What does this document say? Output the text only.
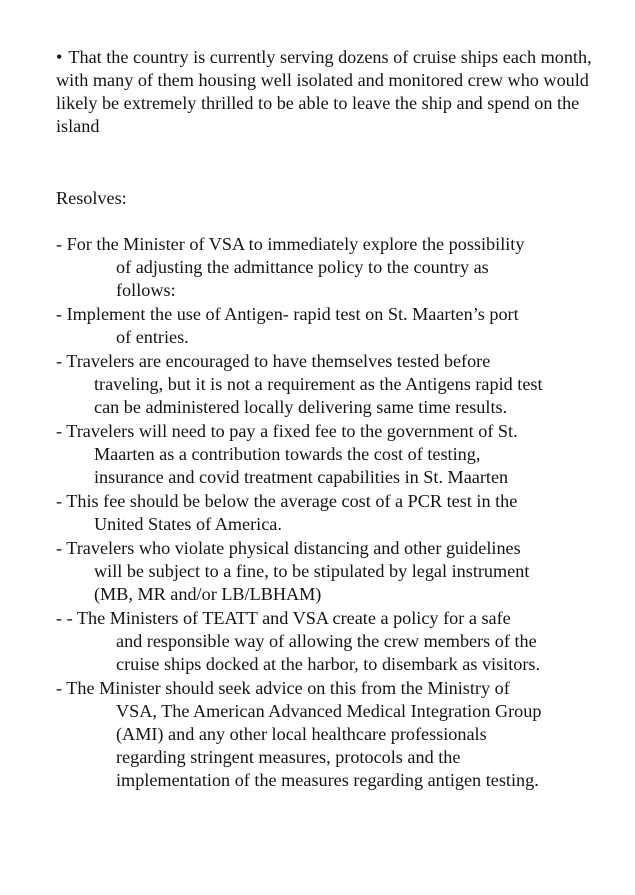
• That the country is currently serving dozens of cruise ships each month, with many of them housing well isolated and monitored crew who would likely be extremely thrilled to be able to leave the ship and spend on the island
Resolves:
- For the Minister of VSA to immediately explore the possibility
of adjusting the admittance policy to the country as
follows:
- Implement the use of Antigen- rapid test on St. Maarten’s port
of entries.
- Travelers are encouraged to have themselves tested before
traveling, but it is not a requirement as the Antigens rapid test
can be administered locally delivering same time results.
- Travelers will need to pay a fixed fee to the government of St.
Maarten as a contribution towards the cost of testing,
insurance and covid treatment capabilities in St. Maarten
- This fee should be below the average cost of a PCR test in the
United States of America.
- Travelers who violate physical distancing and other guidelines
will be subject to a fine, to be stipulated by legal instrument
(MB, MR and/or LB/LBHAM)
- - The Ministers of TEATT and VSA create a policy for a safe
and responsible way of allowing the crew members of the
cruise ships docked at the harbor, to disembark as visitors.
- The Minister should seek advice on this from the Ministry of
VSA, The American Advanced Medical Integration Group
(AMI) and any other local healthcare professionals
regarding stringent measures, protocols and the
implementation of the measures regarding antigen testing.
